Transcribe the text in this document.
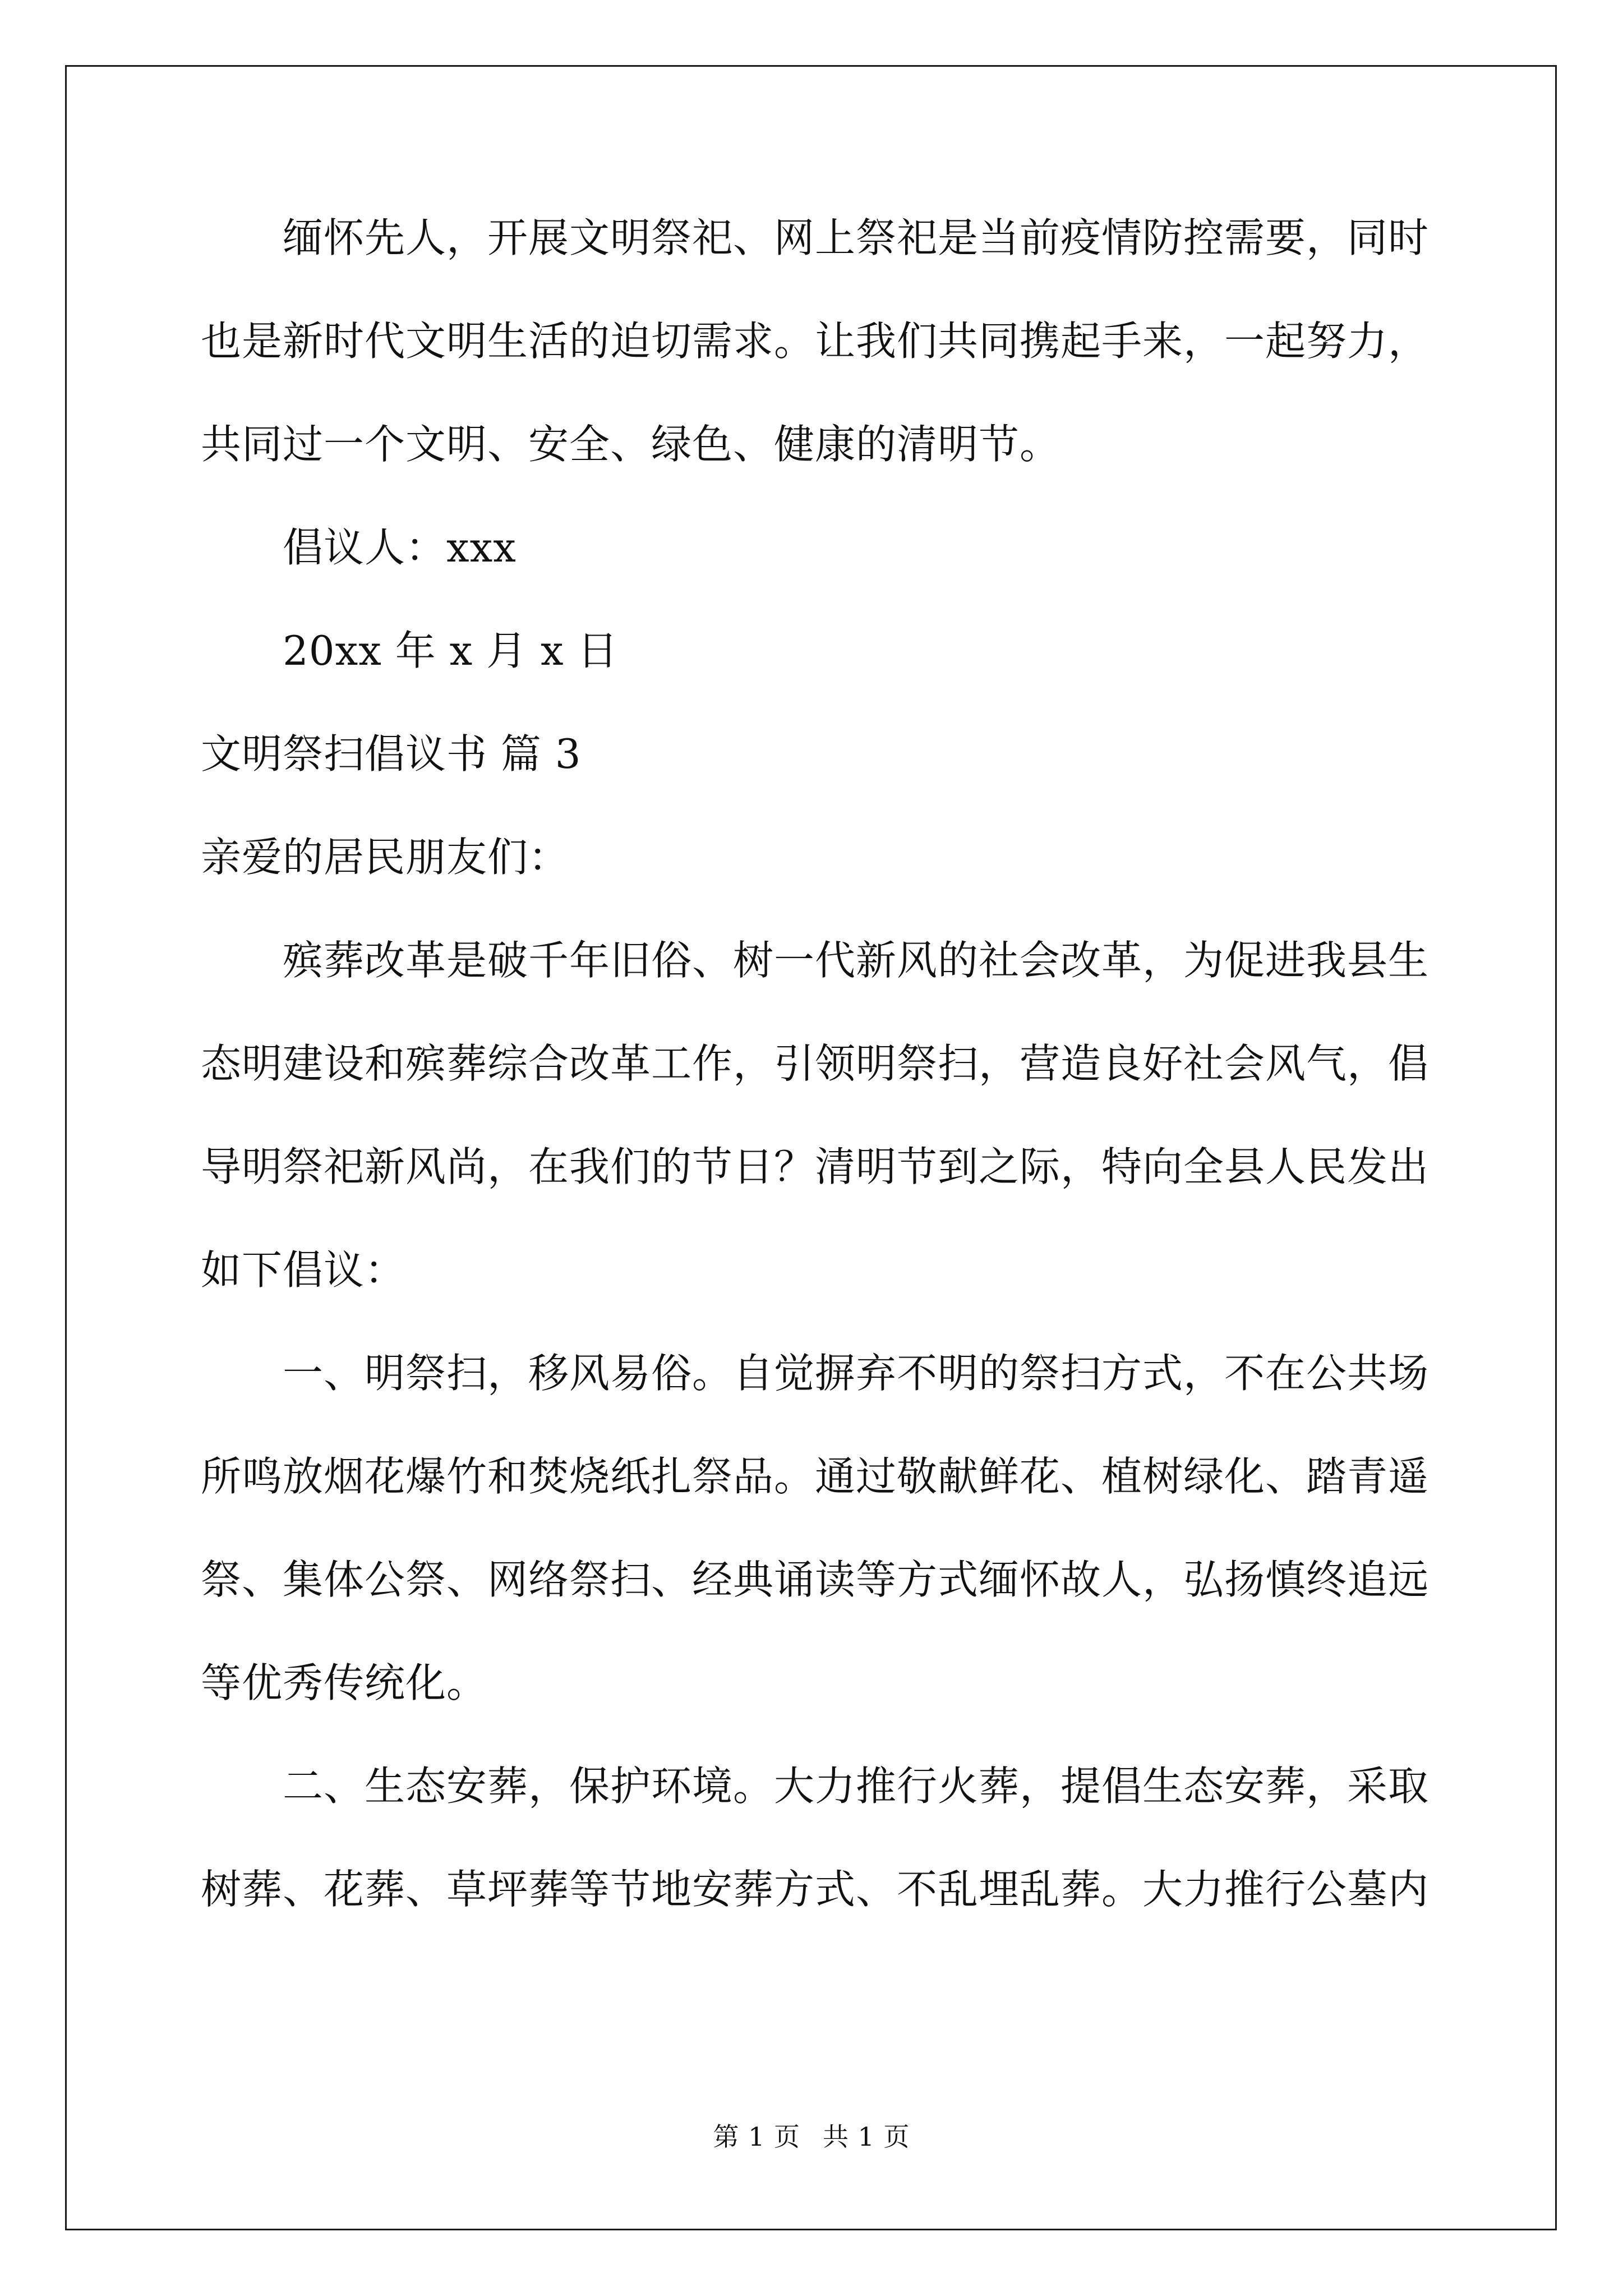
缅怀先人，开展文明祭祀、网上祭祀是当前疫情防控需要，同时

也是新时代文明生活的迫切需求。让我们共同携起手来，一起努力，

共同过一个文明、安全、绿色、健康的清明节。

倡议人：xxx

20xx 年 x 月 x 日

文明祭扫倡议书 篇 3

亲爱的居民朋友们：

殡葬改革是破千年旧俗、树一代新风的社会改革，为促进我县生

态明建设和殡葬综合改革工作，引领明祭扫，营造良好社会风气，倡

导明祭祀新风尚，在我们的节日？清明节到之际，特向全县人民发出

如下倡议：

一、明祭扫，移风易俗。自觉摒弃不明的祭扫方式，不在公共场

所鸣放烟花爆竹和焚烧纸扎祭品。通过敬献鲜花、植树绿化、踏青遥

祭、集体公祭、网络祭扫、经典诵读等方式缅怀故人，弘扬慎终追远

等优秀传统化。

二、生态安葬，保护环境。大力推行火葬，提倡生态安葬，采取

树葬、花葬、草坪葬等节地安葬方式、不乱埋乱葬。大力推行公墓内

第 1 页 共 1 页
